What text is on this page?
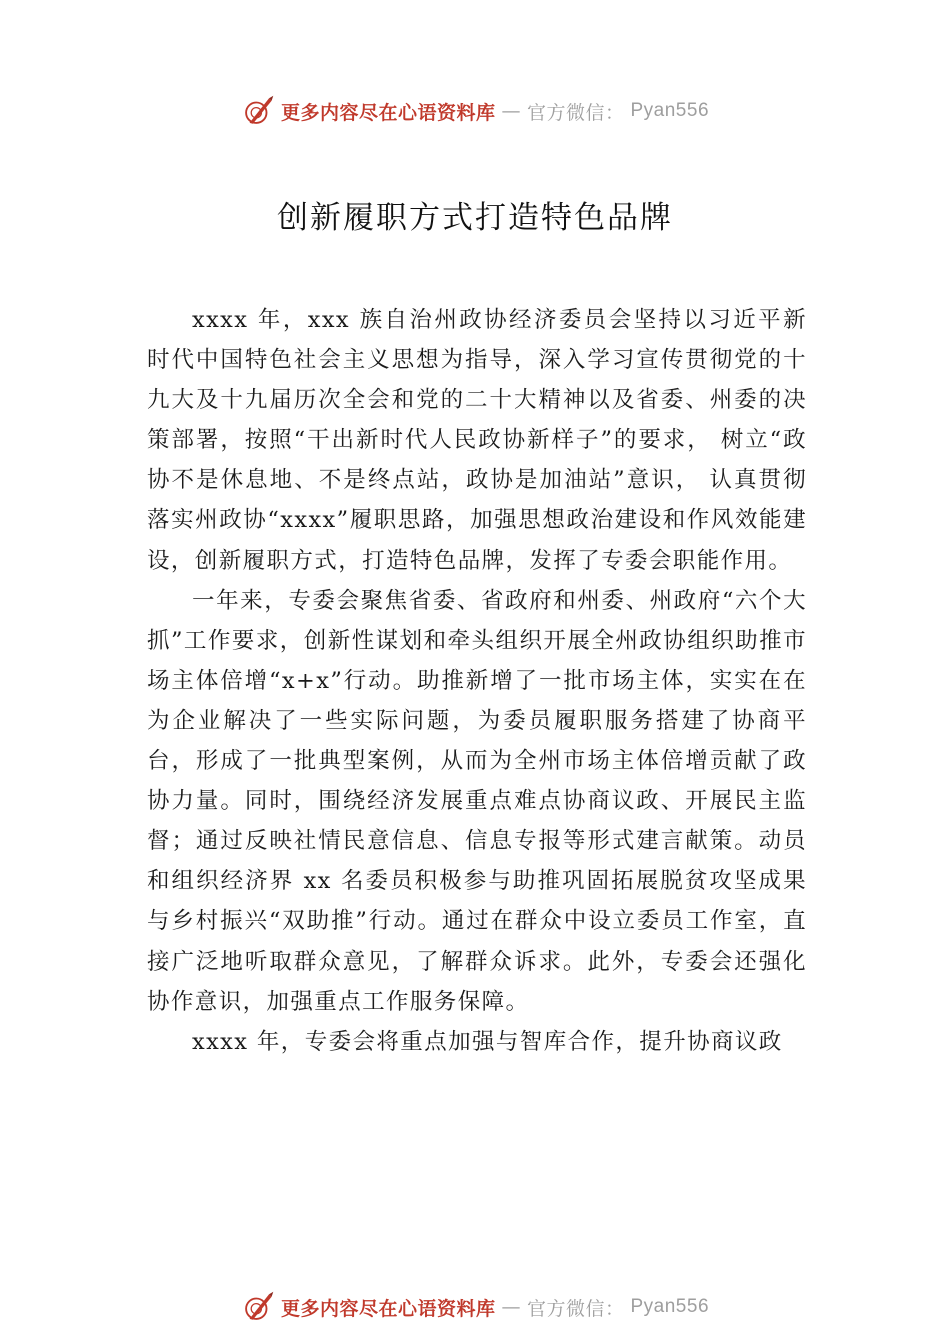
更多内容尽在心语资料库 — 官方微信： Pyan556
创新履职方式打造特色品牌

xxxx 年，xxx 族自治州政协经济委员会坚持以习近平新时代中国特色社会主义思想为指导，深入学习宣传贯彻党的十九大及十九届历次全会和党的二十大精神以及省委、州委的决策部署，按照“干出新时代人民政协新样子”的要求， 树立“政协不是休息地、不是终点站，政协是加油站”意识， 认真贯彻落实州政协“xxxx”履职思路，加强思想政治建设和作风效能建设，创新履职方式，打造特色品牌，发挥了专委会职能作用。

一年来，专委会聚焦省委、省政府和州委、州政府“六个大抓”工作要求，创新性谋划和牵头组织开展全州政协组织助推市场主体倍增“x+x”行动。助推新增了一批市场主体，实实在在为企业解决了一些实际问题，为委员履职服务搭建了协商平台，形成了一批典型案例，从而为全州市场主体倍增贡献了政协力量。同时，围绕经济发展重点难点协商议政、开展民主监督；通过反映社情民意信息、信息专报等形式建言献策。动员和组织经济界 xx 名委员积极参与助推巩固拓展脱贫攻坚成果与乡村振兴“双助推”行动。通过在群众中设立委员工作室，直接广泛地听取群众意见，了解群众诉求。此外，专委会还强化协作意识，加强重点工作服务保障。

xxxx 年，专委会将重点加强与智库合作，提升协商议政

更多内容尽在心语资料库 — 官方微信： Pyan556
